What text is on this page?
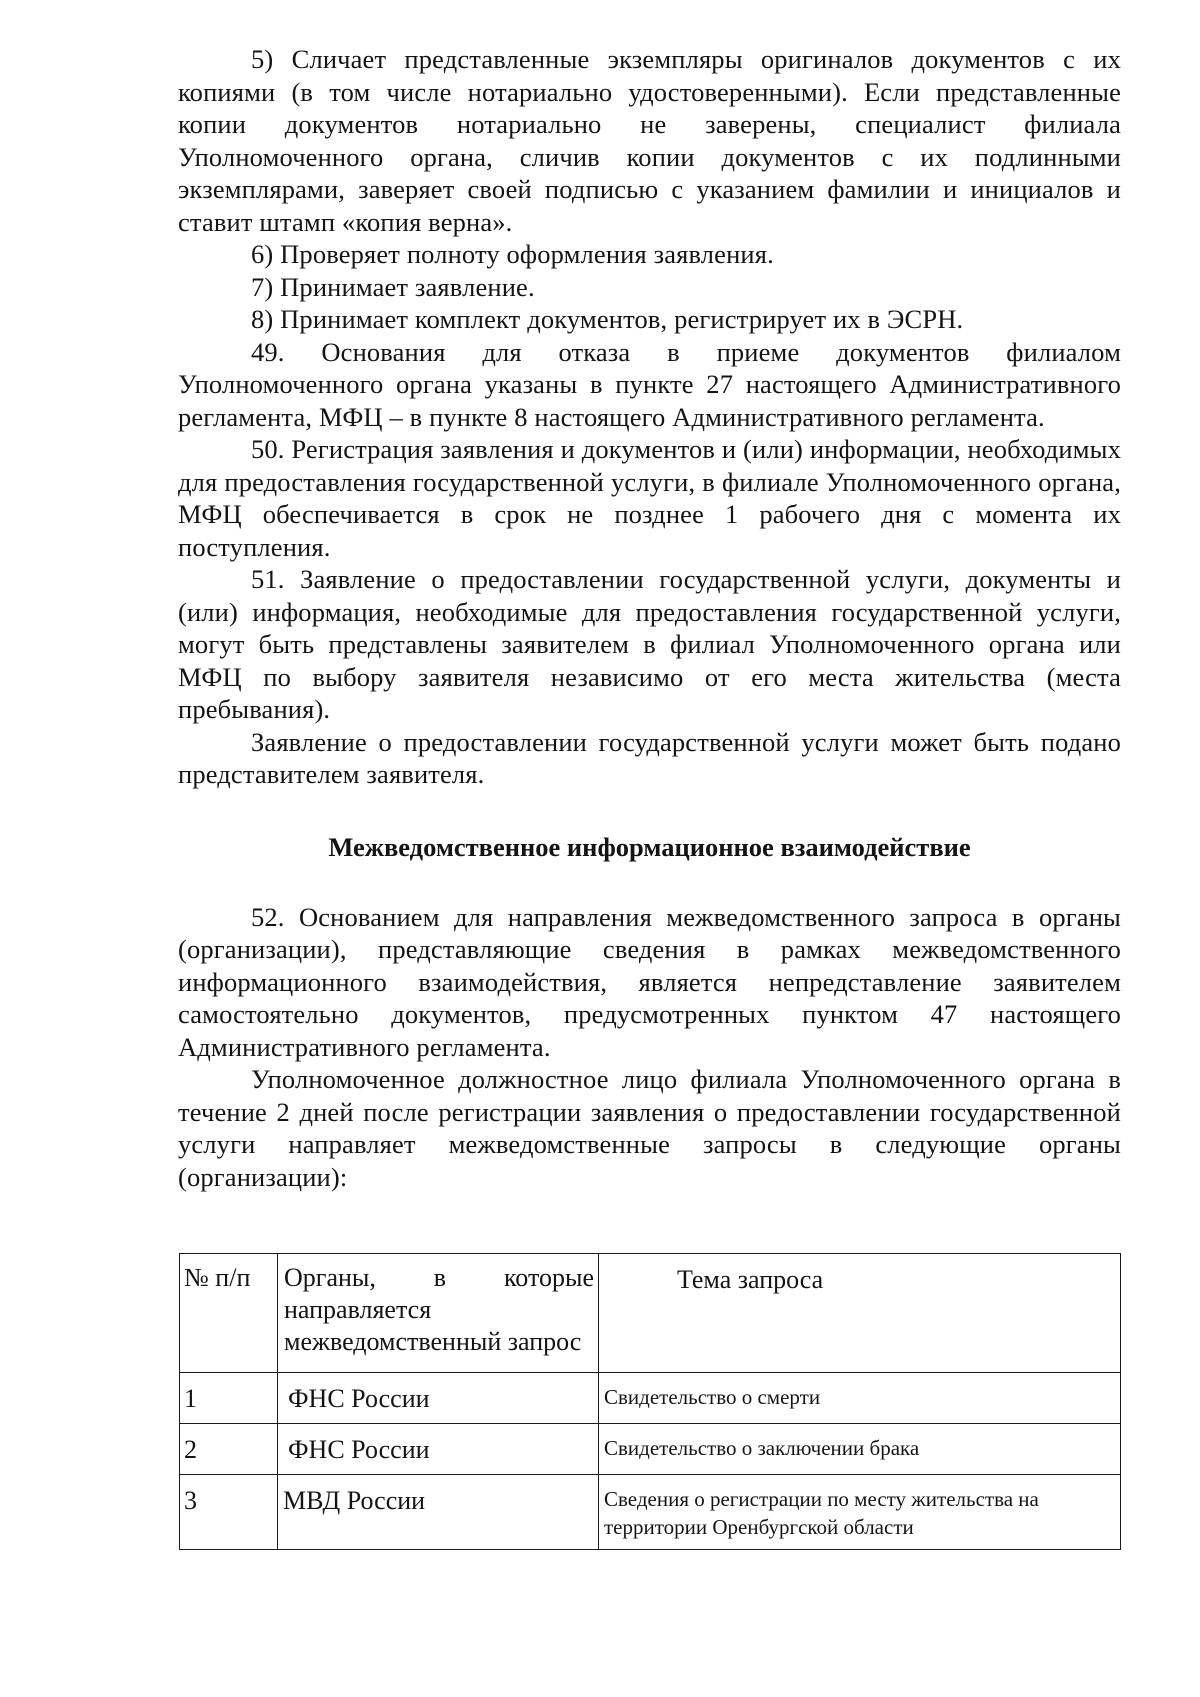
5) Сличает представленные экземпляры оригиналов документов с их копиями (в том числе нотариально удостоверенными). Если представленные копии документов нотариально не заверены, специалист филиала Уполномоченного органа, сличив копии документов с их подлинными экземплярами, заверяет своей подписью с указанием фамилии и инициалов и ставит штамп «копия верна».

6) Проверяет полноту оформления заявления.

7) Принимает заявление.

8) Принимает комплект документов, регистрирует их в ЭСРН.

49. Основания для отказа в приеме документов филиалом Уполномоченного органа указаны в пункте 27 настоящего Административного регламента, МФЦ – в пункте 8 настоящего Административного регламента.

50. Регистрация заявления и документов и (или) информации, необходимых для предоставления государственной услуги, в филиале Уполномоченного органа, МФЦ обеспечивается в срок не позднее 1 рабочего дня с момента их поступления.

51. Заявление о предоставлении государственной услуги, документы и (или) информация, необходимые для предоставления государственной услуги, могут быть представлены заявителем в филиал Уполномоченного органа или МФЦ по выбору заявителя независимо от его места жительства (места пребывания).

Заявление о предоставлении государственной услуги может быть подано представителем заявителя.

Межведомственное информационное взаимодействие

52. Основанием для направления межведомственного запроса в органы (организации), представляющие сведения в рамках межведомственного информационного взаимодействия, является непредставление заявителем самостоятельно документов, предусмотренных пунктом 47 настоящего Административного регламента.

Уполномоченное должностное лицо филиала Уполномоченного органа в течение 2 дней после регистрации заявления о предоставлении государственной услуги направляет межведомственные запросы в следующие органы (организации):

№ п/п	Органы, в которыенаправляется межведомственный запрос	Тема запроса
1	ФНС России	Свидетельство о смерти
2	ФНС России	Свидетельство о заключении брака
3	МВД России	Сведения о регистрации по месту жительства на территории Оренбургской области
